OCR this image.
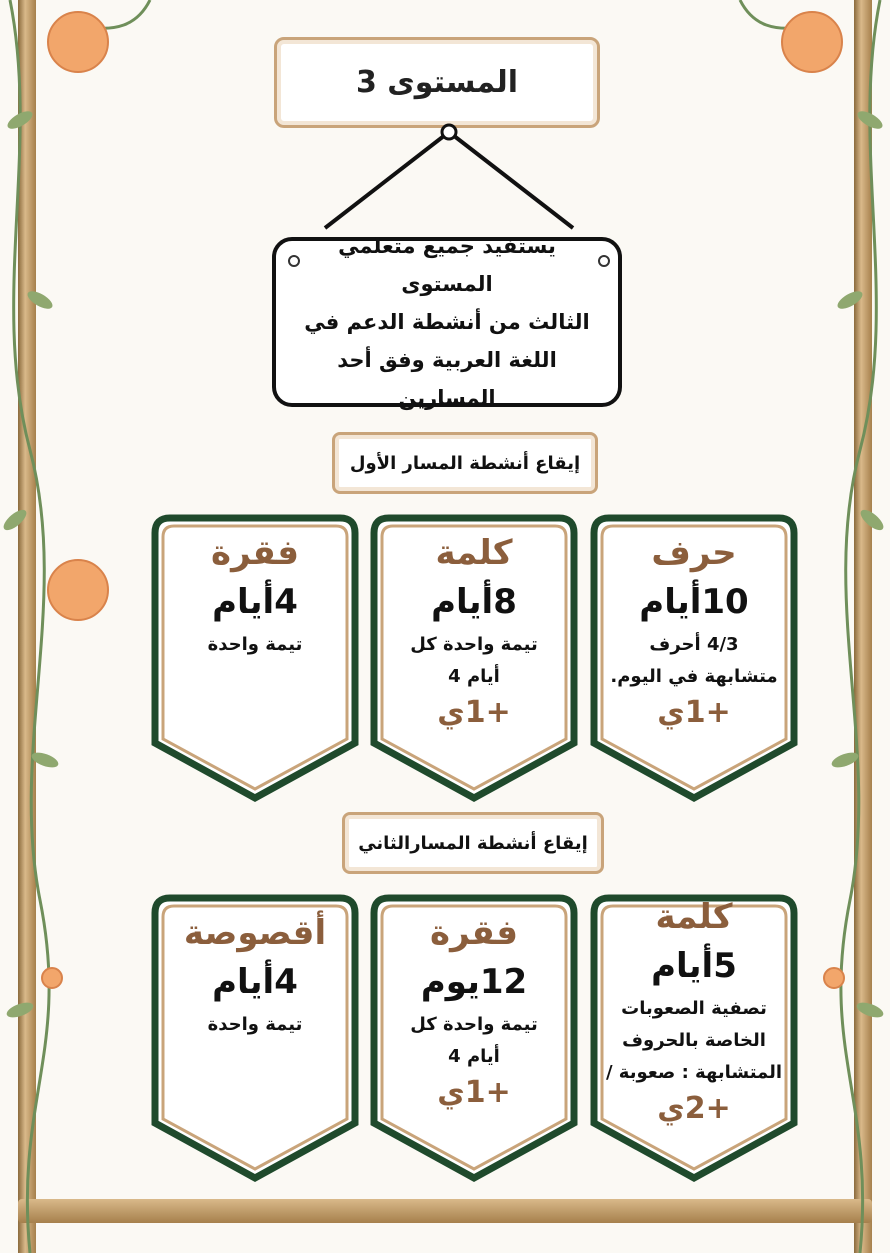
المستوى 3
يستفيد جميع متعلمي المستوى
الثالث من أنشطة الدعم في
اللغة العربية وفق أحد المسارين
إيقاع أنشطة المسار الأول
حرف
10أيام
4/3 أحرف
متشابهة في اليوم.
+1ي
كلمة
8أيام
تيمة واحدة كل
أيام 4
+1ي
فقرة
4أيام
تيمة واحدة
إيقاع أنشطة المسارالثاني
كلمة
5أيام
تصفية الصعوبات
الخاصة بالحروف
المتشابهة : صعوبة /
+2ي
فقرة
12يوم
تيمة واحدة كل
أيام 4
+1ي
أقصوصة
4أيام
تيمة واحدة
